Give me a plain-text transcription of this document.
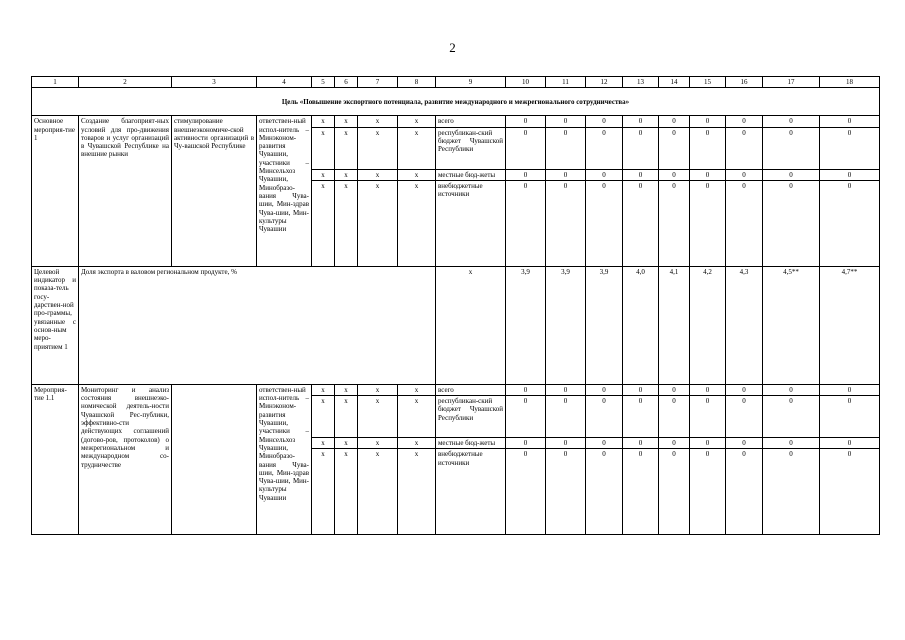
2
1	2	3	4	5	6	7	8	9	10	11	12	13	14	15	16	17	18
Цель «Повышение экспортного потенциала, развитие международного и межрегионального сотрудничества»																	
Основное мероприя-тие 1	Создание благоприят-ных условий для про-движения товаров и услуг организаций в Чувашской Республике на внешние рынки	стимулирование внешнеэкономиче-ской активности организаций в Чу-вашской Республике	ответствен-ный испол-нитель – Минэконом-развития Чувашии, участники – Минсельхоз Чувашии, Минобразо-вания Чува-шии, Мин-здрав Чува-шии, Мин-культуры Чувашии	х	х	х	х	всего	0	0	0	0	0	0	0	0	0
				х	х	х	х	республикан-ский бюджет Чувашской Республики	0	0	0	0	0	0	0	0	0
				х	х	х	х	местные бюд-жеты	0	0	0	0	0	0	0	0	0
				х	х	х	х	внебюджетные источники	0	0	0	0	0	0	0	0	0
Целевой индикатор и показа-тель госу-дарствен-ной про-граммы, увязанные с основ-ным меро-приятием 1	Доля экспорта в валовом региональном продукте, %							х	3,9	3,9	3,9	4,0	4,1	4,2	4,3	4,5**	4,7**
Мероприя-тие 1.1	Мониторинг и анализ состояния внешнеэко-номической деятель-ности Чувашской Рес-публики, эффективно-сти действующих соглашений (догово-ров, протоколов) о межрегиональном и международном со-трудничестве		ответствен-ный испол-нитель – Минэконом-развития Чувашии, участники – Минсельхоз Чувашии, Минобразо-вания Чува-шии, Мин-здрав Чува-шии, Мин-культуры Чувашии	х	х	х	х	всего	0	0	0	0	0	0	0	0	0
				х	х	х	х	республикан-ский бюджет Чувашской Республики	0	0	0	0	0	0	0	0	0
				х	х	х	х	местные бюд-жеты	0	0	0	0	0	0	0	0	0
				х	х	х	х	внебюджетные источники	0	0	0	0	0	0	0	0	0
